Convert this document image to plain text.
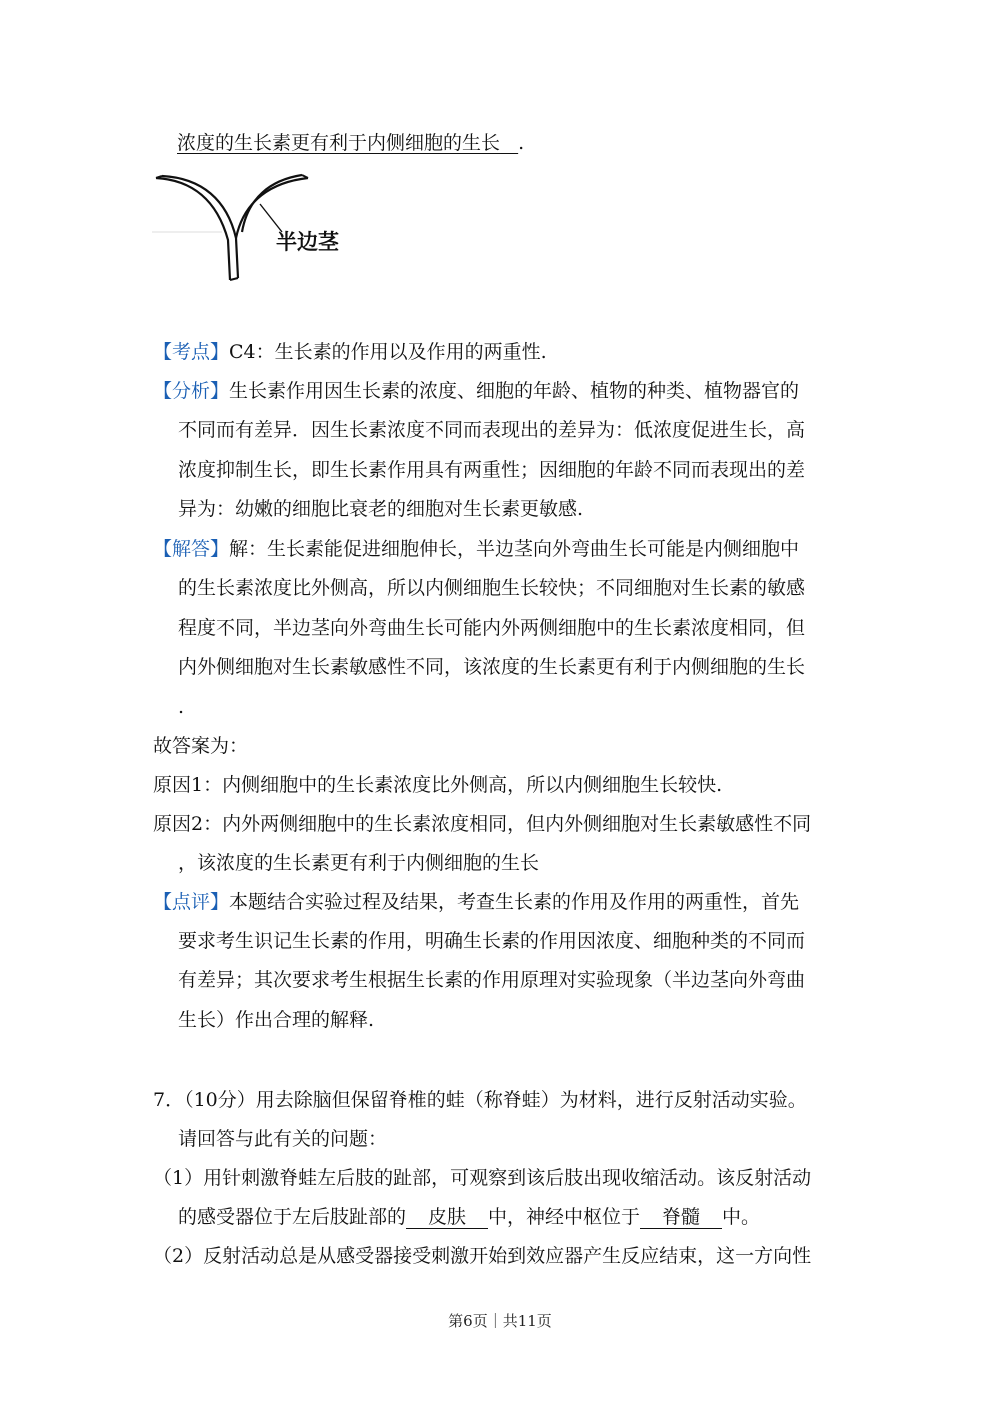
浓度的生长素更有利于内侧细胞的生长 .
半边茎
【考点】C4：生长素的作用以及作用的两重性.
【分析】生长素作用因生长素的浓度、细胞的年龄、植物的种类、植物器官的
不同而有差异．因生长素浓度不同而表现出的差异为：低浓度促进生长，高
浓度抑制生长，即生长素作用具有两重性；因细胞的年龄不同而表现出的差
异为：幼嫩的细胞比衰老的细胞对生长素更敏感.
【解答】解：生长素能促进细胞伸长，半边茎向外弯曲生长可能是内侧细胞中
的生长素浓度比外侧高，所以内侧细胞生长较快；不同细胞对生长素的敏感
程度不同，半边茎向外弯曲生长可能内外两侧细胞中的生长素浓度相同，但
内外侧细胞对生长素敏感性不同，该浓度的生长素更有利于内侧细胞的生长
.
故答案为：
原因1：内侧细胞中的生长素浓度比外侧高，所以内侧细胞生长较快.
原因2：内外两侧细胞中的生长素浓度相同，但内外侧细胞对生长素敏感性不同
，该浓度的生长素更有利于内侧细胞的生长
【点评】本题结合实验过程及结果，考查生长素的作用及作用的两重性，首先
要求考生识记生长素的作用，明确生长素的作用因浓度、细胞种类的不同而
有差异；其次要求考生根据生长素的作用原理对实验现象（半边茎向外弯曲
生长）作出合理的解释.
7．（10分）用去除脑但保留脊椎的蛙（称脊蛙）为材料，进行反射活动实验。
请回答与此有关的问题：
（1）用针刺激脊蛙左后肢的趾部，可观察到该后肢出现收缩活动。该反射活动
的感受器位于左后肢趾部的 皮肤 中，神经中枢位于 脊髓 中。
（2）反射活动总是从感受器接受刺激开始到效应器产生反应结束，这一方向性
第6页｜共11页
